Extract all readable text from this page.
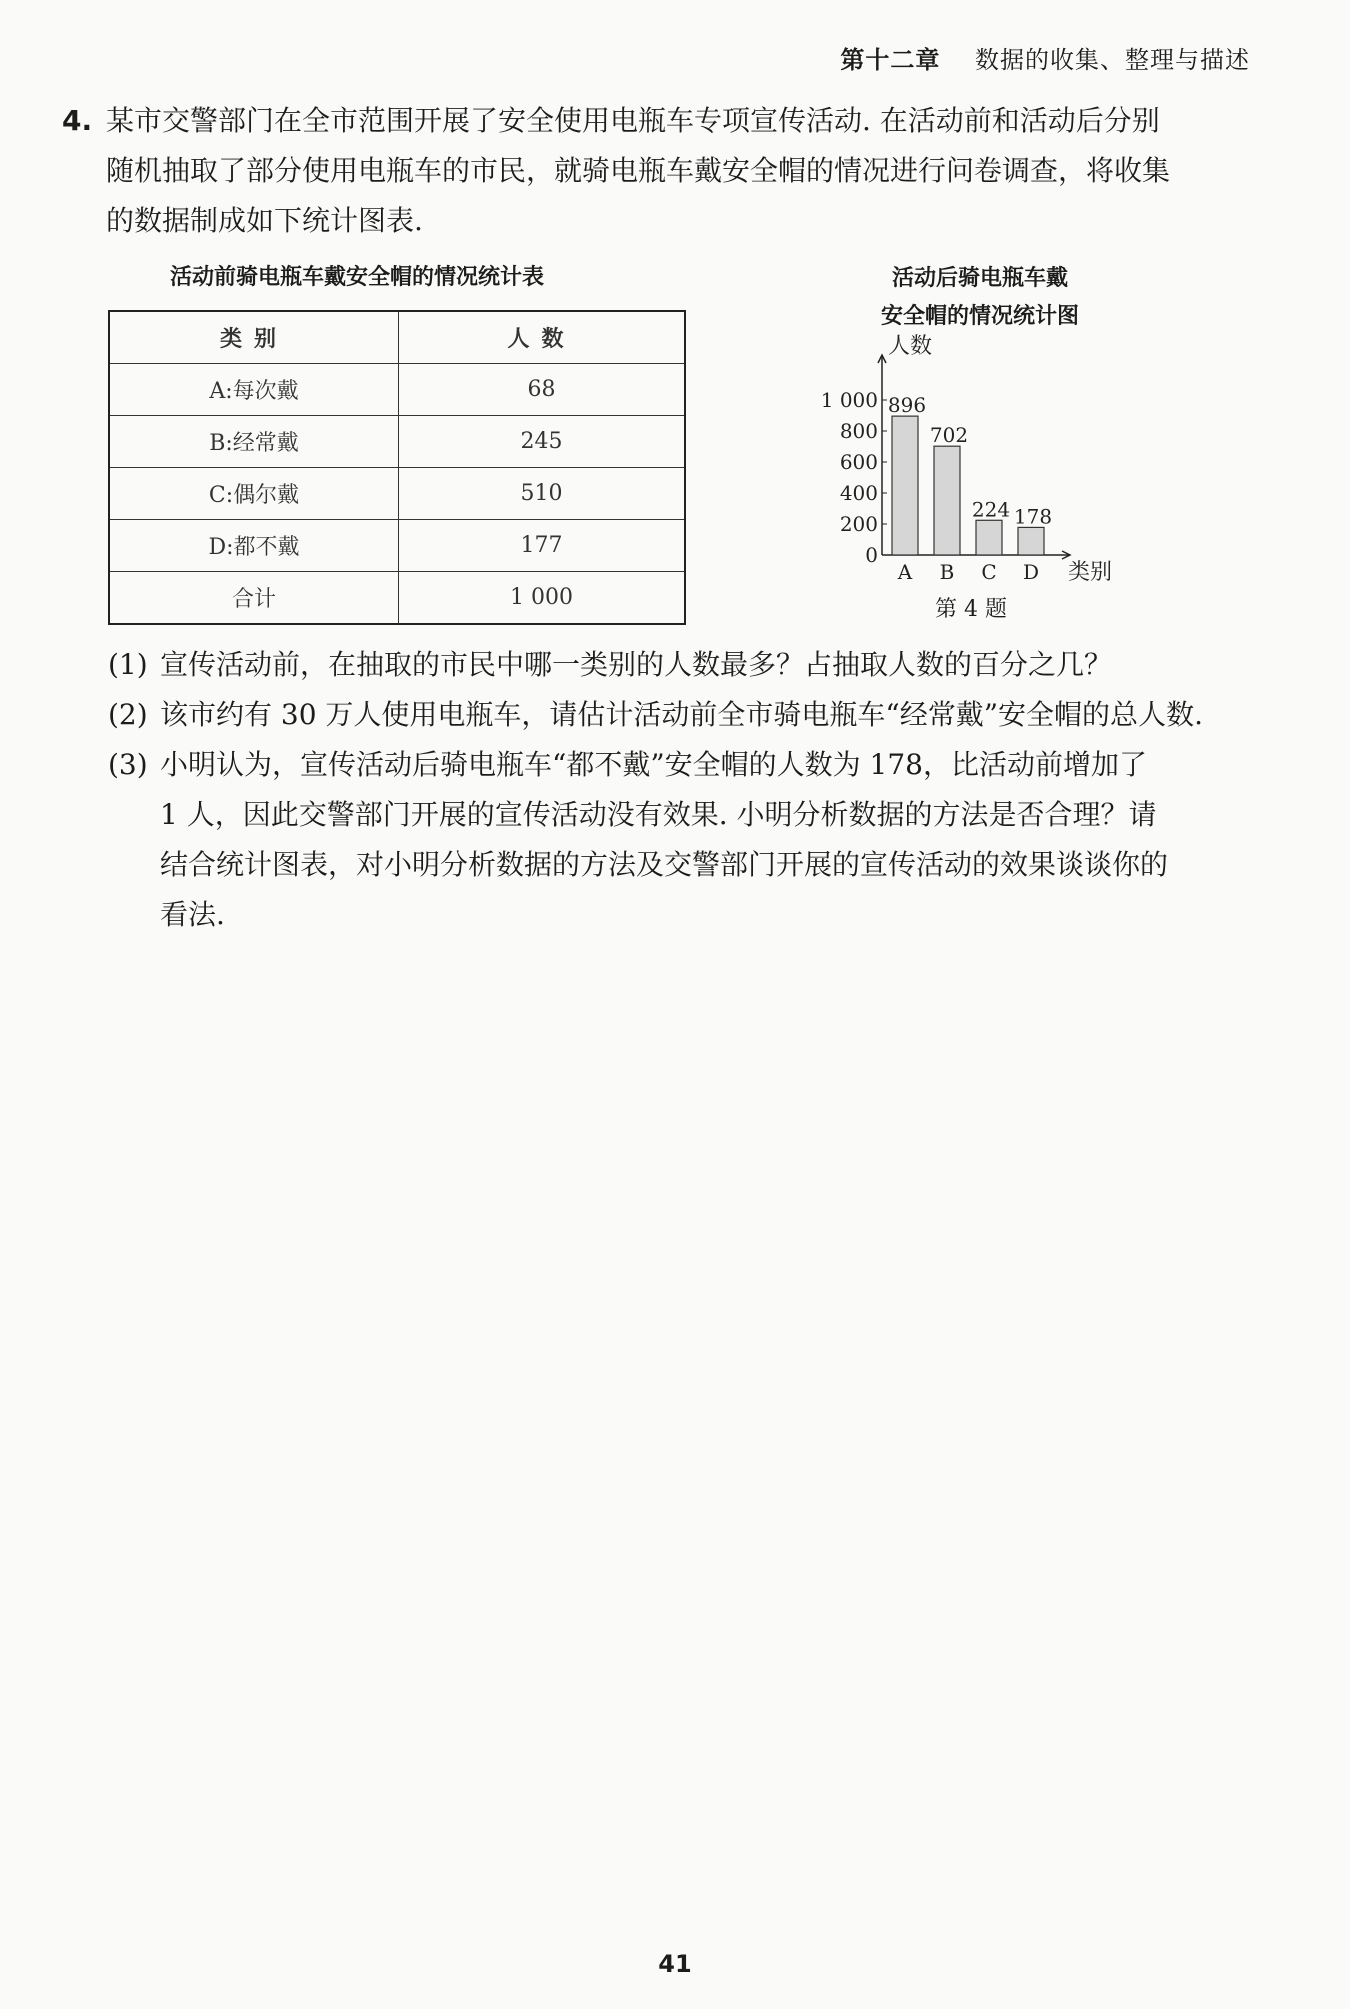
第十二章 数据的收集、整理与描述
4. 某市交警部门在全市范围开展了安全使用电瓶车专项宣传活动. 在活动前和活动后分别
随机抽取了部分使用电瓶车的市民，就骑电瓶车戴安全帽的情况进行问卷调查，将收集
的数据制成如下统计图表.
活动前骑电瓶车戴安全帽的情况统计表
类别	人数
A:每次戴	68
B:经常戴	245
C:偶尔戴	510
D:都不戴	177
合计	1 000
活动后骑电瓶车戴
安全帽的情况统计图
人数
类别
0
200
400
600
800
1 000 896
A
702
B
224
C
178
D
第 4 题
(1) 宣传活动前，在抽取的市民中哪一类别的人数最多？占抽取人数的百分之几？
(2) 该市约有 30 万人使用电瓶车，请估计活动前全市骑电瓶车“经常戴”安全帽的总人数.
(3) 小明认为，宣传活动后骑电瓶车“都不戴”安全帽的人数为 178，比活动前增加了
1 人，因此交警部门开展的宣传活动没有效果. 小明分析数据的方法是否合理？请
结合统计图表，对小明分析数据的方法及交警部门开展的宣传活动的效果谈谈你的
看法.
41
